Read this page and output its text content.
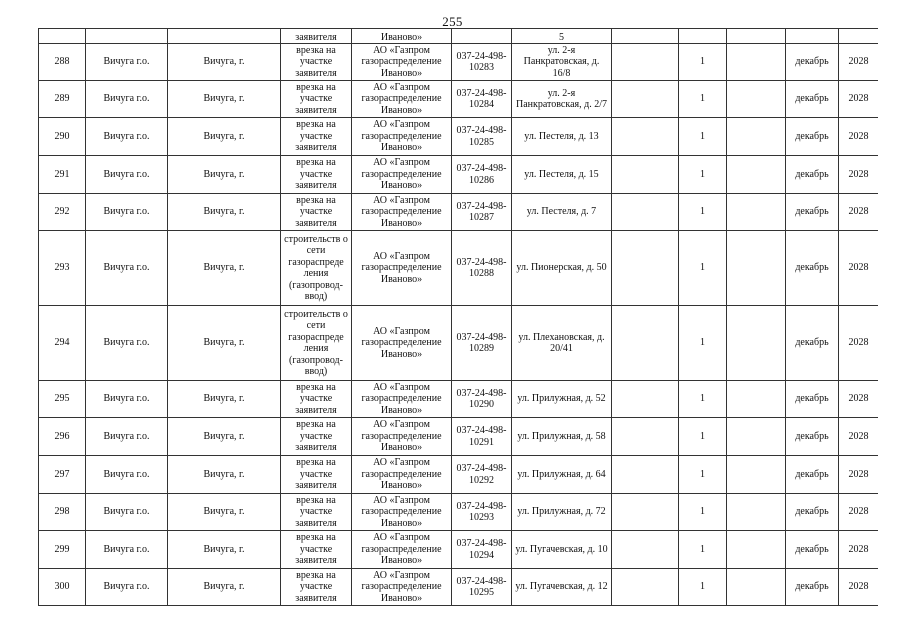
255

			заявителя	Иваново»		5					

288	Вичуга г.о.	Вичуга, г.	врезка на участке заявителя	АО «Газпром газораспределение Иваново»	037-24-498-10283	ул. 2-я Панкратовская, д. 16/8		1		декабрь	2028

289	Вичуга г.о.	Вичуга, г.	врезка на участке заявителя	АО «Газпром газораспределение Иваново»	037-24-498-10284	ул. 2-я Панкратовская, д. 2/7		1		декабрь	2028

290	Вичуга г.о.	Вичуга, г.	врезка на участке заявителя	АО «Газпром газораспределение Иваново»	037-24-498-10285	ул. Пестеля, д. 13		1		декабрь	2028

291	Вичуга г.о.	Вичуга, г.	врезка на участке заявителя	АО «Газпром газораспределение Иваново»	037-24-498-10286	ул. Пестеля, д. 15		1		декабрь	2028

292	Вичуга г.о.	Вичуга, г.	врезка на участке заявителя	АО «Газпром газораспределение Иваново»	037-24-498-10287	ул. Пестеля, д. 7		1		декабрь	2028

293	Вичуга г.о.	Вичуга, г.	строительств о сети газораспреде ления (газопровод-ввод)	АО «Газпром газораспределение Иваново»	037-24-498-10288	ул. Пионерская, д. 50		1		декабрь	2028

294	Вичуга г.о.	Вичуга, г.	строительств о сети газораспреде ления (газопровод-ввод)	АО «Газпром газораспределение Иваново»	037-24-498-10289	ул. Плехановская, д. 20/41		1		декабрь	2028

295	Вичуга г.о.	Вичуга, г.	врезка на участке заявителя	АО «Газпром газораспределение Иваново»	037-24-498-10290	ул. Прилужная, д. 52		1		декабрь	2028

296	Вичуга г.о.	Вичуга, г.	врезка на участке заявителя	АО «Газпром газораспределение Иваново»	037-24-498-10291	ул. Прилужная, д. 58		1		декабрь	2028

297	Вичуга г.о.	Вичуга, г.	врезка на участке заявителя	АО «Газпром газораспределение Иваново»	037-24-498-10292	ул. Прилужная, д. 64		1		декабрь	2028

298	Вичуга г.о.	Вичуга, г.	врезка на участке заявителя	АО «Газпром газораспределение Иваново»	037-24-498-10293	ул. Прилужная, д. 72		1		декабрь	2028

299	Вичуга г.о.	Вичуга, г.	врезка на участке заявителя	АО «Газпром газораспределение Иваново»	037-24-498-10294	ул. Пугачевская, д. 10		1		декабрь	2028

300	Вичуга г.о.	Вичуга, г.	врезка на участке заявителя	АО «Газпром газораспределение Иваново»	037-24-498-10295	ул. Пугачевская, д. 12		1		декабрь	2028
